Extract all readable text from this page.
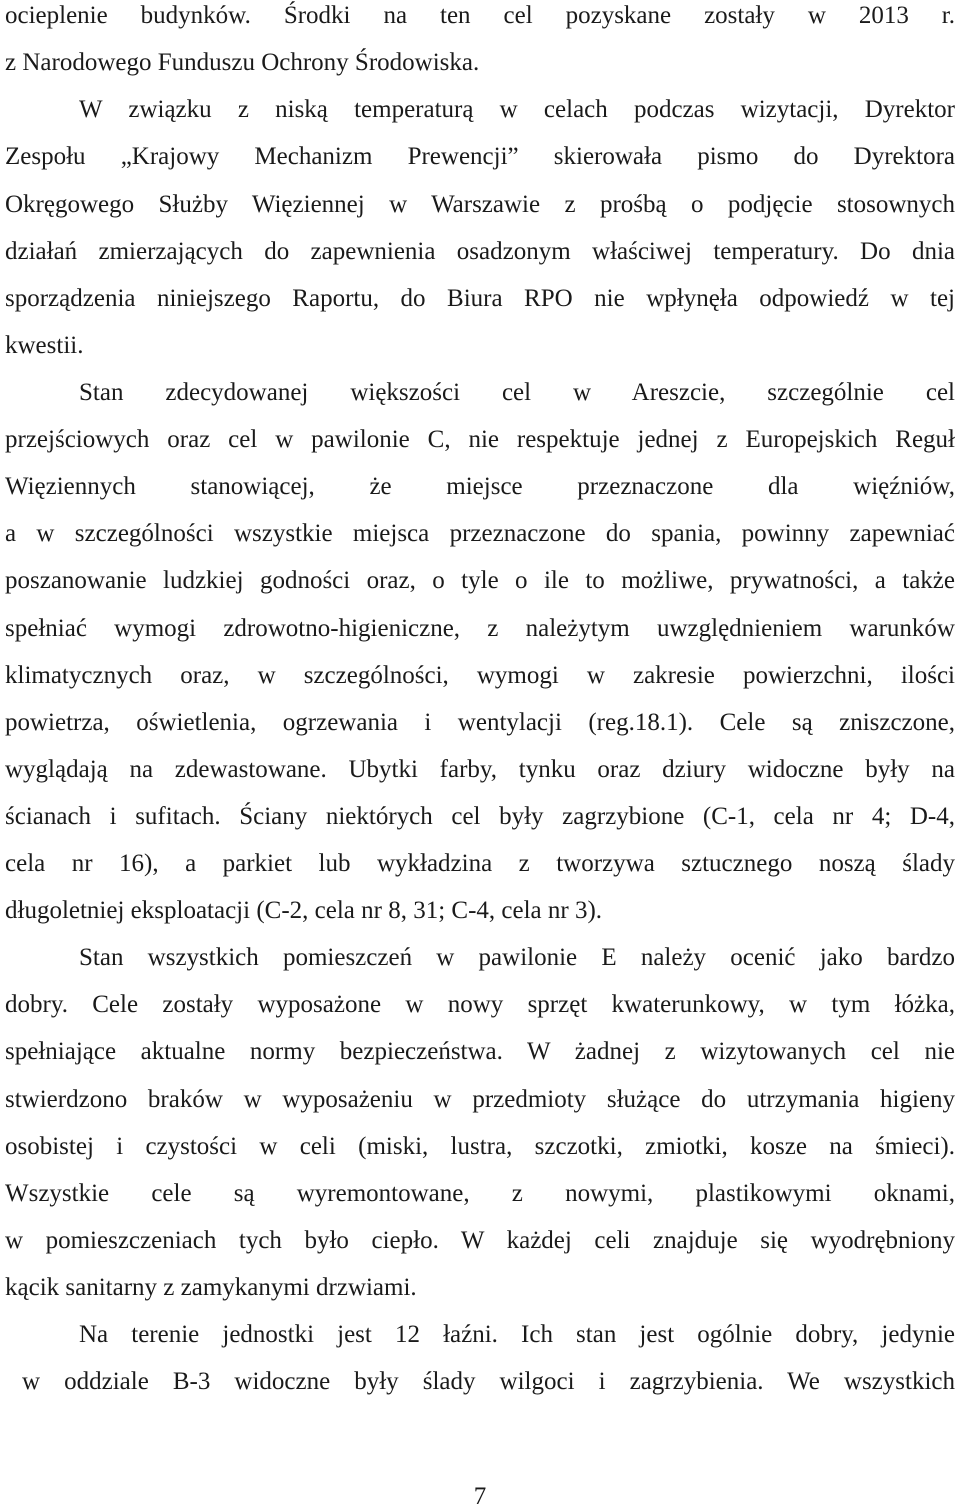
ocieplenie budynków. Środki na ten cel pozyskane zostały w 2013 r.
z Narodowego Funduszu Ochrony Środowiska.
W związku z niską temperaturą w celach podczas wizytacji, Dyrektor
Zespołu „Krajowy Mechanizm Prewencji” skierowała pismo do Dyrektora
Okręgowego Służby Więziennej w Warszawie z prośbą o podjęcie stosownych
działań zmierzających do zapewnienia osadzonym właściwej temperatury. Do dnia
sporządzenia niniejszego Raportu, do Biura RPO nie wpłynęła odpowiedź w tej
kwestii.
Stan zdecydowanej większości cel w Areszcie, szczególnie cel
przejściowych oraz cel w pawilonie C, nie respektuje jednej z Europejskich Reguł
Więziennych stanowiącej, że miejsce przeznaczone dla więźniów,
a w szczególności wszystkie miejsca przeznaczone do spania, powinny zapewniać
poszanowanie ludzkiej godności oraz, o tyle o ile to możliwe, prywatności, a także
spełniać wymogi zdrowotno-higieniczne, z należytym uwzględnieniem warunków
klimatycznych oraz, w szczególności, wymogi w zakresie powierzchni, ilości
powietrza, oświetlenia, ogrzewania i wentylacji (reg.18.1). Cele są zniszczone,
wyglądają na zdewastowane. Ubytki farby, tynku oraz dziury widoczne były na
ścianach i sufitach. Ściany niektórych cel były zagrzybione (C-1, cela nr 4; D-4,
cela nr 16), a parkiet lub wykładzina z tworzywa sztucznego noszą ślady
długoletniej eksploatacji (C-2, cela nr 8, 31; C-4, cela nr 3).
Stan wszystkich pomieszczeń w pawilonie E należy ocenić jako bardzo
dobry. Cele zostały wyposażone w nowy sprzęt kwaterunkowy, w tym łóżka,
spełniające aktualne normy bezpieczeństwa. W żadnej z wizytowanych cel nie
stwierdzono braków w wyposażeniu w przedmioty służące do utrzymania higieny
osobistej i czystości w celi (miski, lustra, szczotki, zmiotki, kosze na śmieci).
Wszystkie cele są wyremontowane, z nowymi, plastikowymi oknami,
w pomieszczeniach tych było ciepło. W każdej celi znajduje się wyodrębniony
kącik sanitarny z zamykanymi drzwiami.
Na terenie jednostki jest 12 łaźni. Ich stan jest ogólnie dobry, jedynie
w oddziale B-3 widoczne były ślady wilgoci i zagrzybienia. We wszystkich
7
